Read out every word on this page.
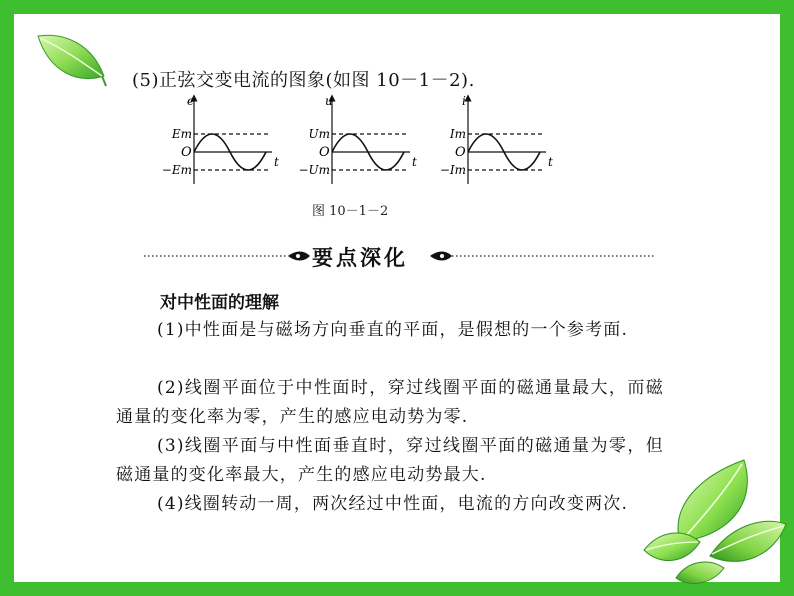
(5)正弦交变电流的图象(如图 10－1－2).
e
t
O
Em
−Em
u
t
O
Um
−Um
i
t
O
Im
−Im
图 10－1－2
要点深化
对中性面的理解
(1)中性面是与磁场方向垂直的平面，是假想的一个参考面.
(2)线圈平面位于中性面时，穿过线圈平面的磁通量最大，而磁通量的变化率为零，产生的感应电动势为零.
(3)线圈平面与中性面垂直时，穿过线圈平面的磁通量为零，但磁通量的变化率最大，产生的感应电动势最大.
(4)线圈转动一周，两次经过中性面，电流的方向改变两次.
